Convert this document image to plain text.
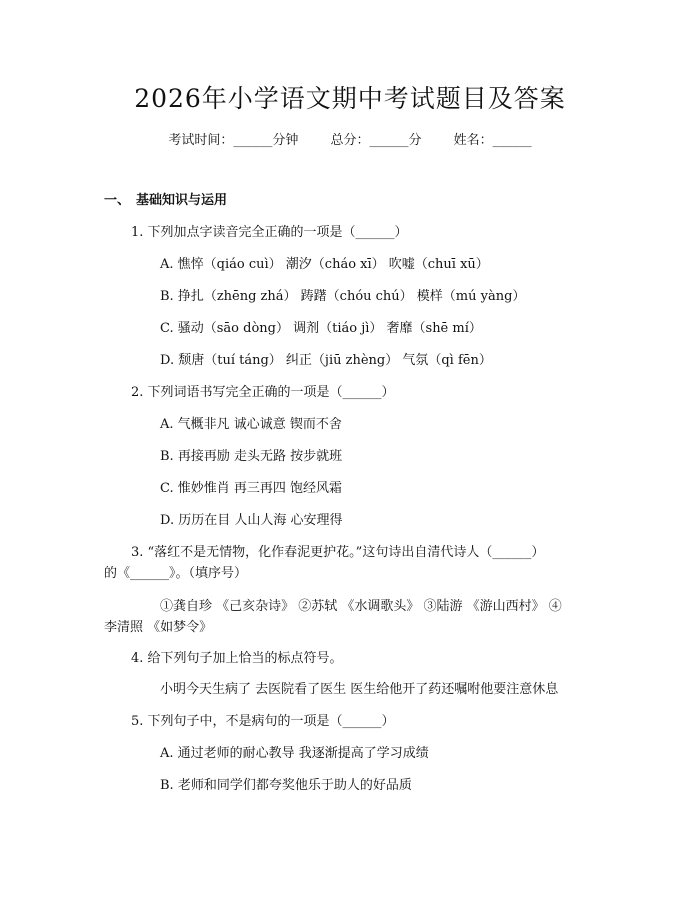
2026年小学语文期中考试题目及答案
考试时间：______分钟 总分：______分 姓名：______
一、 基础知识与运用
1. 下列加点字读音完全正确的一项是（______）
A. 憔悴（qiáo cuì） 潮汐（cháo xī） 吹嘘（chuī xū）
B. 挣扎（zhēng zhá） 踌躇（chóu chú） 模样（mú yàng）
C. 骚动（sāo dòng） 调剂（tiáo jì） 奢靡（shē mí）
D. 颓唐（tuí táng） 纠正（jiū zhèng） 气氛（qì fēn）
2. 下列词语书写完全正确的一项是（______）
A. 气概非凡 诚心诚意 锲而不舍
B. 再接再励 走头无路 按步就班
C. 惟妙惟肖 再三再四 饱经风霜
D. 历历在目 人山人海 心安理得
3. “落红不是无情物，化作春泥更护花。”这句诗出自清代诗人（______）
的《______》。（填序号）
①龚自珍 《己亥杂诗》 ②苏轼 《水调歌头》 ③陆游 《游山西村》 ④
李清照 《如梦令》
4. 给下列句子加上恰当的标点符号。
小明今天生病了 去医院看了医生 医生给他开了药还嘱咐他要注意休息
5. 下列句子中，不是病句的一项是（______）
A. 通过老师的耐心教导 我逐渐提高了学习成绩
B. 老师和同学们都夸奖他乐于助人的好品质
